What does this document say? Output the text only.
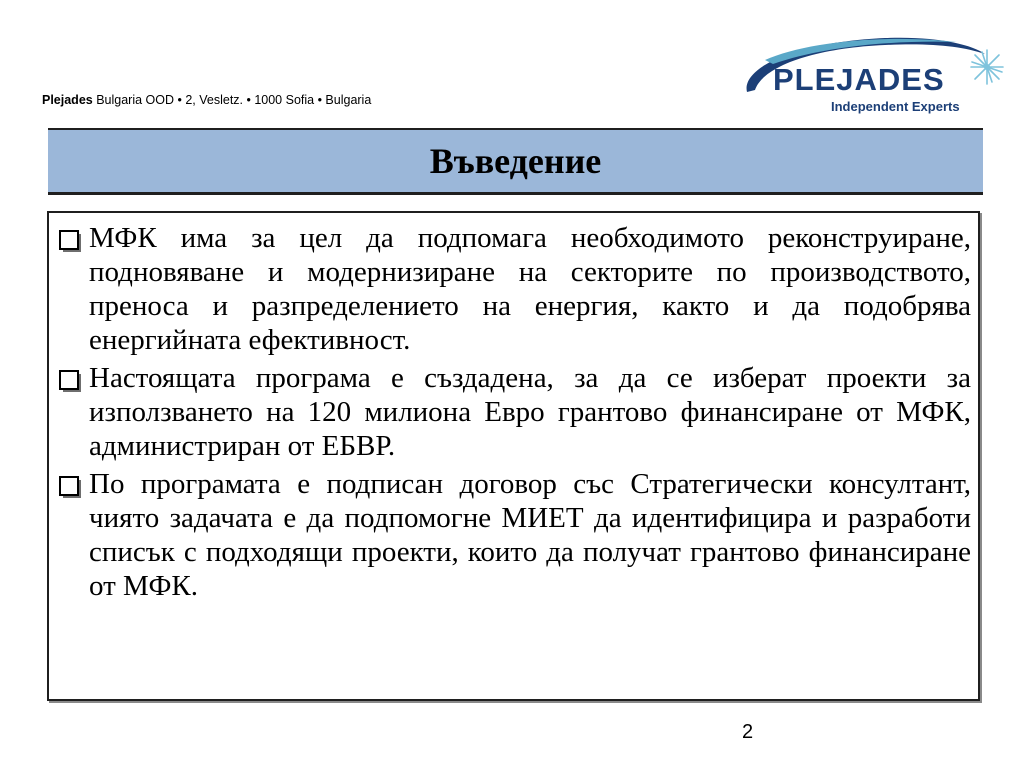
Plejades Bulgaria OOD • 2, Vesletz. • 1000 Sofia • Bulgaria
PLEJADES
Independent Experts
Въведение
МФК има за цел да подпомага необходимото реконструиране, подновяване и модернизиране на секторите по производството, преноса и разпределението на енергия, както и да подобрява енергийната ефективност.
Настоящата програма е създадена, за да се изберат проекти за използването на 120 милиона Евро грантово финансиране от МФК, администриран от ЕБВР.
По програмата е подписан договор със Стратегически консултант, чиято задачата е да подпомогне МИЕТ да идентифицира и разработи списък с подходящи проекти, които да получат грантово финансиране от МФК.
2
